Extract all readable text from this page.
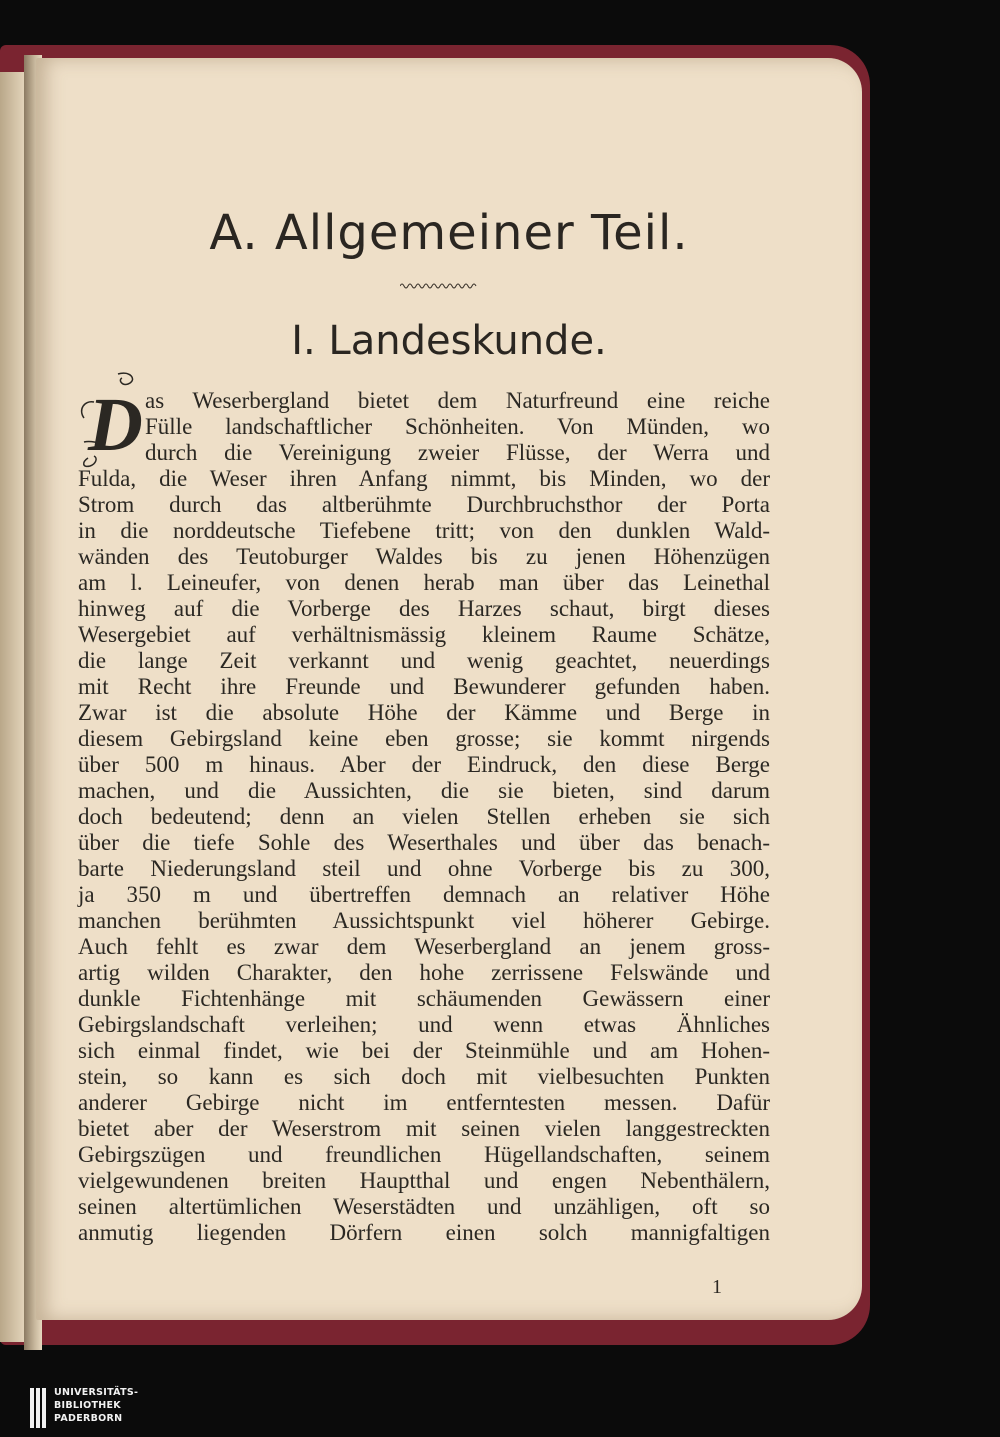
A. Allgemeiner Teil.
I. Landeskunde.
D as Weserbergland bietet dem Naturfreund eine reiche
Fülle landschaftlicher Schönheiten. Von Münden, wo
durch die Vereinigung zweier Flüsse, der Werra und
Fulda, die Weser ihren Anfang nimmt, bis Minden, wo der
Strom durch das altberühmte Durchbruchsthor der Porta
in die norddeutsche Tiefebene tritt; von den dunklen Wald-
wänden des Teutoburger Waldes bis zu jenen Höhenzügen
am l. Leineufer, von denen herab man über das Leinethal
hinweg auf die Vorberge des Harzes schaut, birgt dieses
Wesergebiet auf verhältnismässig kleinem Raume Schätze,
die lange Zeit verkannt und wenig geachtet, neuerdings
mit Recht ihre Freunde und Bewunderer gefunden haben.
Zwar ist die absolute Höhe der Kämme und Berge in
diesem Gebirgsland keine eben grosse; sie kommt nirgends
über 500 m hinaus. Aber der Eindruck, den diese Berge
machen, und die Aussichten, die sie bieten, sind darum
doch bedeutend; denn an vielen Stellen erheben sie sich
über die tiefe Sohle des Weserthales und über das benach-
barte Niederungsland steil und ohne Vorberge bis zu 300,
ja 350 m und übertreffen demnach an relativer Höhe
manchen berühmten Aussichtspunkt viel höherer Gebirge.
Auch fehlt es zwar dem Weserbergland an jenem gross-
artig wilden Charakter, den hohe zerrissene Felswände und
dunkle Fichtenhänge mit schäumenden Gewässern einer
Gebirgslandschaft verleihen; und wenn etwas Ähnliches
sich einmal findet, wie bei der Steinmühle und am Hohen-
stein, so kann es sich doch mit vielbesuchten Punkten
anderer Gebirge nicht im entferntesten messen. Dafür
bietet aber der Weserstrom mit seinen vielen langgestreckten
Gebirgszügen und freundlichen Hügellandschaften, seinem
vielgewundenen breiten Hauptthal und engen Nebenthälern,
seinen altertümlichen Weserstädten und unzähligen, oft so
anmutig liegenden Dörfern einen solch mannigfaltigen
1
UNIVERSITÄTS-
BIBLIOTHEK
PADERBORN
